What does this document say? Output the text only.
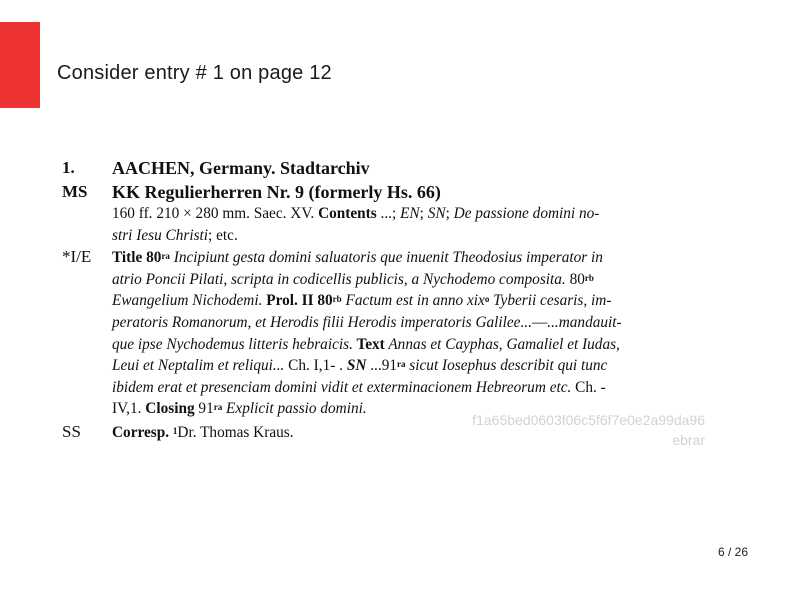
Consider entry # 1 on page 12
1.	AACHEN, Germany. Stadtarchiv
MS	KK Regulierherren Nr. 9 (formerly Hs. 66)
160 ff. 210 × 280 mm. Saec. XV. Contents ...; EN; SN; De passione domini no-
stri Iesu Christi; etc.
*I/E	Title $80^{ra}$ Incipiunt gesta domini saluatoris que inuenit Theodosius imperator in
atrio Poncii Pilati, scripta in codicellis publicis, a Nychodemo composita. $80^{rb}$
Ewangelium Nichodemi. Prol. II $80^{rb}$ Factum est in anno xix$^o$ Tyberii cesaris, im-
peratoris Romanorum, et Herodis filii Herodis imperatoris Galilee...—...mandauit-
que ipse Nychodemus litteris hebraicis. Text Annas et Cayphas, Gamaliel et Iudas,
Leui et Neptalim et reliqui... Ch. I,1- . SN $...91^{ra}$ sicut Iosephus describit qui tunc
ibidem erat et presenciam domini vidit et exterminacionem Hebreorum etc. Ch. -
IV,1. Closing $91^{ra}$ Explicit passio domini.
SS	Corresp. $^1$Dr. Thomas Kraus.
f1a65bed0603f06c5f6f7e0e2a99da96
ebrar
6 / 26
